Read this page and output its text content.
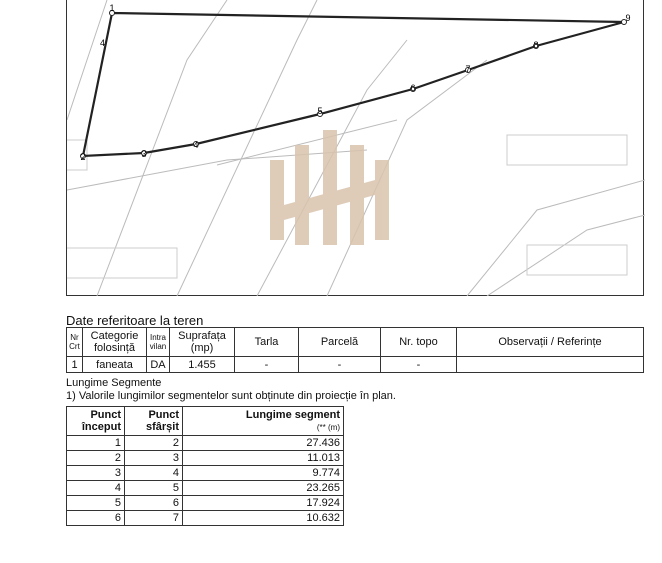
1
2	3
4
5
6
7
8
9
4
Date referitoare la teren
Nr Crt	Categorie folosință	Intra vilan	Suprafața (mp)	Tarla	Parcelă	Nr. topo	Observații / Referințe
1	faneata	DA	1.455	-	-	-	
Lungime Segmente
1) Valorile lungimilor segmentelor sunt obținute din proiecție în plan.
Punct început	Punct sfârșit	Lungime segment
(** (m)
1	2	27.436
2	3	11.013
3	4	9.774
4	5	23.265
5	6	17.924
6	7	10.632
